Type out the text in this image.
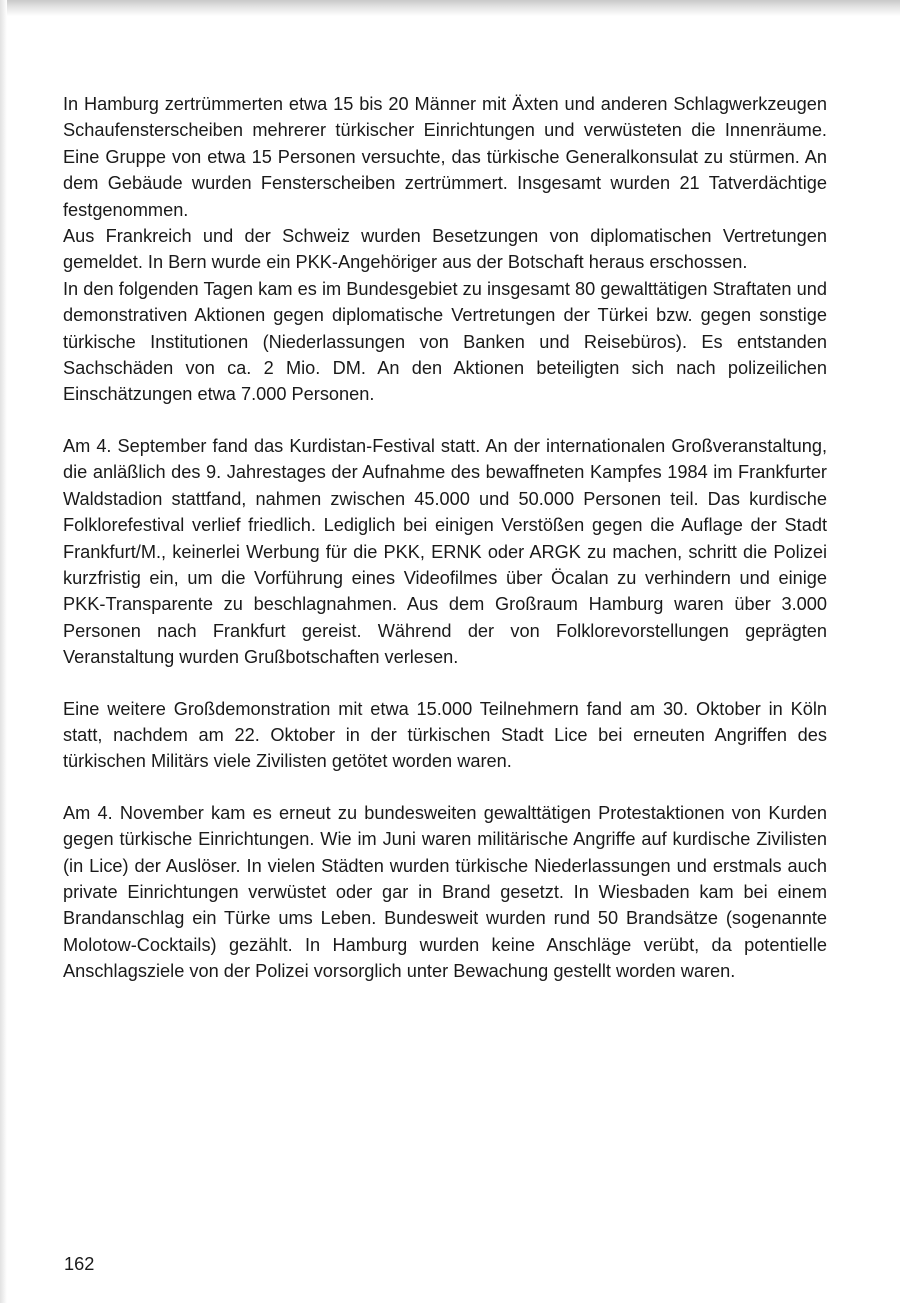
In Hamburg zertrümmerten etwa 15 bis 20 Männer mit Äxten und anderen Schlagwerkzeugen Schaufensterscheiben mehrerer türkischer Einrichtungen und verwüsteten die Innenräume. Eine Gruppe von etwa 15 Personen versuchte, das türkische Generalkonsulat zu stürmen. An dem Gebäude wurden Fensterscheiben zertrümmert. Insgesamt wurden 21 Tatverdächtige festgenommen.

Aus Frankreich und der Schweiz wurden Besetzungen von diplomatischen Vertretungen gemeldet. In Bern wurde ein PKK-Angehöriger aus der Botschaft heraus erschossen.

In den folgenden Tagen kam es im Bundesgebiet zu insgesamt 80 gewalttätigen Straftaten und demonstrativen Aktionen gegen diplomatische Vertretungen der Türkei bzw. gegen sonstige türkische Institutionen (Niederlassungen von Banken und Reisebüros). Es entstanden Sachschäden von ca. 2 Mio. DM. An den Aktionen beteiligten sich nach polizeilichen Einschätzungen etwa 7.000 Personen.

Am 4. September fand das Kurdistan-Festival statt. An der internationalen Großveranstaltung, die anläßlich des 9. Jahrestages der Aufnahme des bewaffneten Kampfes 1984 im Frankfurter Waldstadion stattfand, nahmen zwischen 45.000 und 50.000 Personen teil. Das kurdische Folklorefestival verlief friedlich. Lediglich bei einigen Verstößen gegen die Auflage der Stadt Frankfurt/M., keinerlei Werbung für die PKK, ERNK oder ARGK zu machen, schritt die Polizei kurzfristig ein, um die Vorführung eines Videofilmes über Öcalan zu verhindern und einige PKK-Transparente zu beschlagnahmen. Aus dem Großraum Hamburg waren über 3.000 Personen nach Frankfurt gereist. Während der von Folklorevorstellungen geprägten Veranstaltung wurden Grußbotschaften verlesen.

Eine weitere Großdemonstration mit etwa 15.000 Teilnehmern fand am 30. Oktober in Köln statt, nachdem am 22. Oktober in der türkischen Stadt Lice bei erneuten Angriffen des türkischen Militärs viele Zivilisten getötet worden waren.

Am 4. November kam es erneut zu bundesweiten gewalttätigen Protestaktionen von Kurden gegen türkische Einrichtungen. Wie im Juni waren militärische Angriffe auf kurdische Zivilisten (in Lice) der Auslöser. In vielen Städten wurden türkische Niederlassungen und erstmals auch private Einrichtungen verwüstet oder gar in Brand gesetzt. In Wiesbaden kam bei einem Brandanschlag ein Türke ums Leben. Bundesweit wurden rund 50 Brandsätze (sogenannte Molotow-Cocktails) gezählt. In Hamburg wurden keine Anschläge verübt, da potentielle Anschlagsziele von der Polizei vorsorglich unter Bewachung gestellt worden waren.

162
